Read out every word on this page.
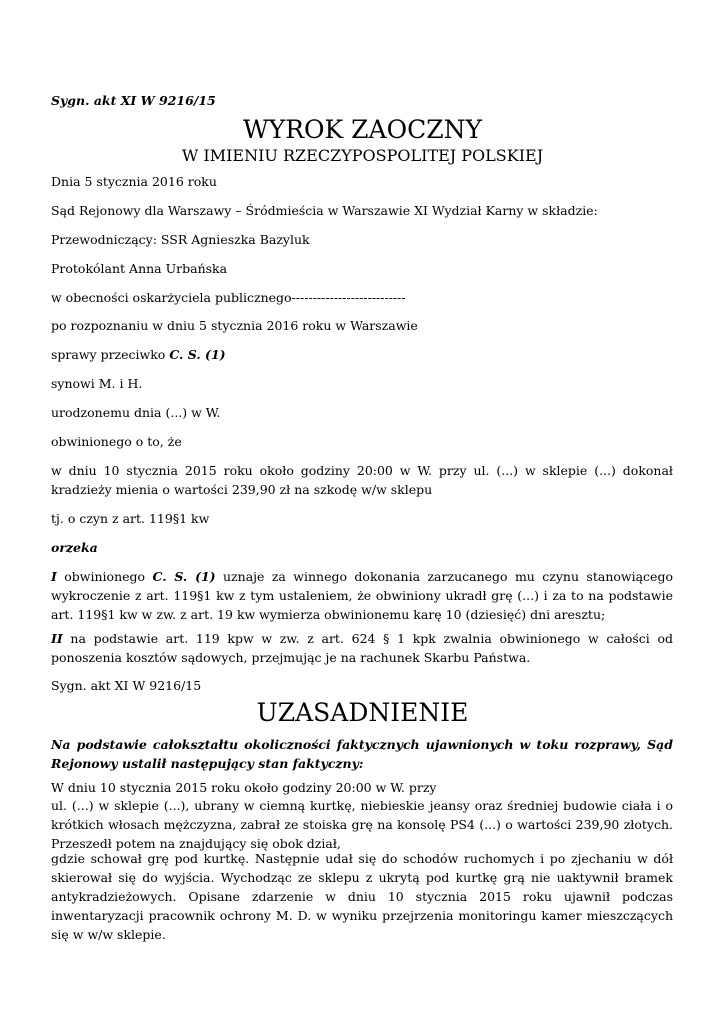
Sygn. akt XI W 9216/15

WYROK ZAOCZNY

W IMIENIU RZECZYPOSPOLITEJ POLSKIEJ

Dnia 5 stycznia 2016 roku

Sąd Rejonowy dla Warszawy – Śródmieścia w Warszawie XI Wydział Karny w składzie:

Przewodniczący: SSR Agnieszka Bazyluk

Protokólant Anna Urbańska

w obecności oskarżyciela publicznego---------------------------

po rozpoznaniu w dniu 5 stycznia 2016 roku w Warszawie

sprawy przeciwko C. S. (1)

synowi M. i H.

urodzonemu dnia (...) w W.

obwinionego o to, że

w dniu 10 stycznia 2015 roku około godziny 20:00 w W. przy ul. (...) w sklepie (...) dokonał kradzieży mienia o wartości 239,90 zł na szkodę w/w sklepu

tj. o czyn z art. 119§1 kw

orzeka

I obwinionego C. S. (1) uznaje za winnego dokonania zarzucanego mu czynu stanowiącego wykroczenie z art. 119§1 kw z tym ustaleniem, że obwiniony ukradł grę (...) i za to na podstawie art. 119§1 kw w zw. z art. 19 kw wymierza obwinionemu karę 10 (dziesięć) dni aresztu;

II na podstawie art. 119 kpw w zw. z art. 624 § 1 kpk zwalnia obwinionego w całości od ponoszenia kosztów sądowych, przejmując je na rachunek Skarbu Państwa.

Sygn. akt XI W 9216/15

UZASADNIENIE

Na podstawie całokształtu okoliczności faktycznych ujawnionych w toku rozprawy, Sąd Rejonowy ustalił następujący stan faktyczny:

W dniu 10 stycznia 2015 roku około godziny 20:00 w W. przy

ul. (...) w sklepie (...), ubrany w ciemną kurtkę, niebieskie jeansy oraz średniej budowie ciała i o krótkich włosach mężczyzna, zabrał ze stoiska grę na konsolę PS4 (...) o wartości 239,90 złotych. Przeszedł potem na znajdujący się obok dział,

gdzie schował grę pod kurtkę. Następnie udał się do schodów ruchomych i po zjechaniu w dół skierował się do wyjścia. Wychodząc ze sklepu z ukrytą pod kurtkę grą nie uaktywnił bramek antykradzieżowych. Opisane zdarzenie w dniu 10 stycznia 2015 roku ujawnił podczas inwentaryzacji pracownik ochrony M. D. w wyniku przejrzenia monitoringu kamer mieszczących się w w/w sklepie.
